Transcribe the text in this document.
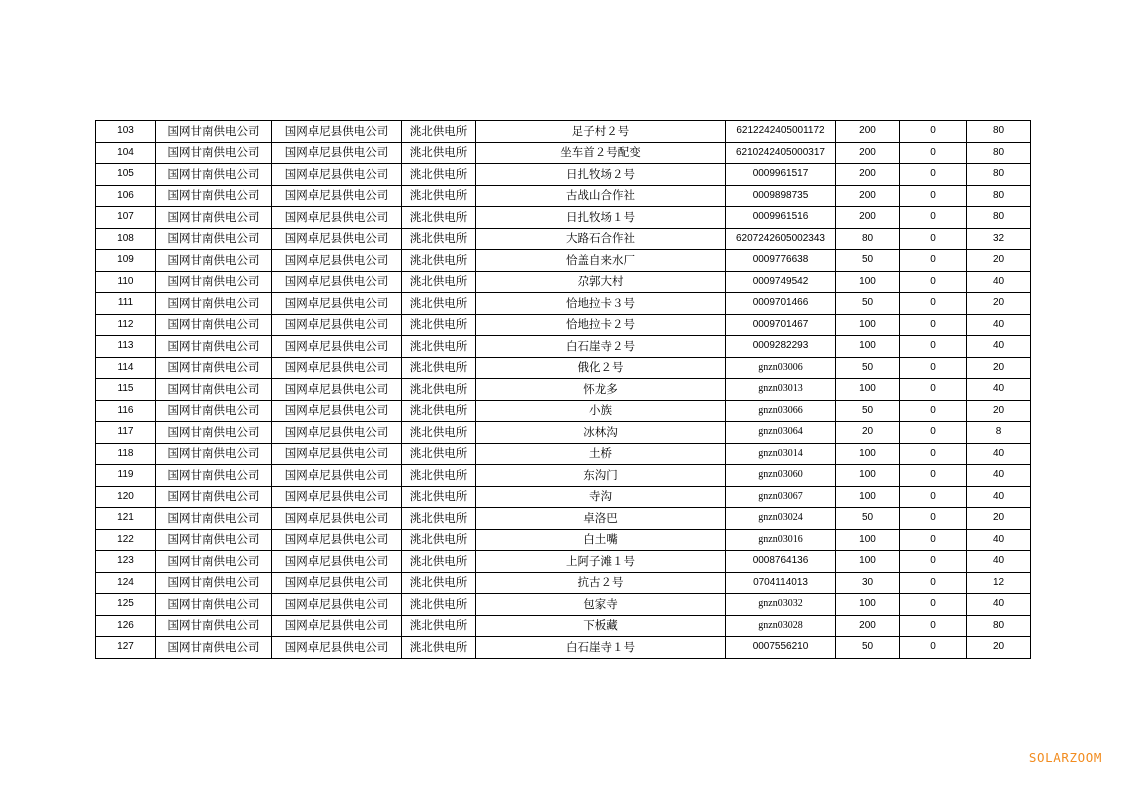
103	国网甘南供电公司	国网卓尼县供电公司	洮北供电所	足子村２号	6212242405001172	200	0	80
104	国网甘南供电公司	国网卓尼县供电公司	洮北供电所	坐车首２号配变	6210242405000317	200	0	80
105	国网甘南供电公司	国网卓尼县供电公司	洮北供电所	日扎牧场２号	0009961517	200	0	80
106	国网甘南供电公司	国网卓尼县供电公司	洮北供电所	古战山合作社	0009898735	200	0	80
107	国网甘南供电公司	国网卓尼县供电公司	洮北供电所	日扎牧场１号	0009961516	200	0	80
108	国网甘南供电公司	国网卓尼县供电公司	洮北供电所	大路石合作社	6207242605002343	80	0	32
109	国网甘南供电公司	国网卓尼县供电公司	洮北供电所	恰盖自来水厂	0009776638	50	0	20
110	国网甘南供电公司	国网卓尼县供电公司	洮北供电所	尕郭大村	0009749542	100	0	40
111	国网甘南供电公司	国网卓尼县供电公司	洮北供电所	恰地拉卡３号	0009701466	50	0	20
112	国网甘南供电公司	国网卓尼县供电公司	洮北供电所	恰地拉卡２号	0009701467	100	0	40
113	国网甘南供电公司	国网卓尼县供电公司	洮北供电所	白石崖寺２号	0009282293	100	0	40
114	国网甘南供电公司	国网卓尼县供电公司	洮北供电所	俄化２号	gnzn03006	50	0	20
115	国网甘南供电公司	国网卓尼县供电公司	洮北供电所	怀龙多	gnzn03013	100	0	40
116	国网甘南供电公司	国网卓尼县供电公司	洮北供电所	小族	gnzn03066	50	0	20
117	国网甘南供电公司	国网卓尼县供电公司	洮北供电所	冰林沟	gnzn03064	20	0	8
118	国网甘南供电公司	国网卓尼县供电公司	洮北供电所	土桥	gnzn03014	100	0	40
119	国网甘南供电公司	国网卓尼县供电公司	洮北供电所	东沟门	gnzn03060	100	0	40
120	国网甘南供电公司	国网卓尼县供电公司	洮北供电所	寺沟	gnzn03067	100	0	40
121	国网甘南供电公司	国网卓尼县供电公司	洮北供电所	卓洛巴	gnzn03024	50	0	20
122	国网甘南供电公司	国网卓尼县供电公司	洮北供电所	白土嘴	gnzn03016	100	0	40
123	国网甘南供电公司	国网卓尼县供电公司	洮北供电所	上阿子滩１号	0008764136	100	0	40
124	国网甘南供电公司	国网卓尼县供电公司	洮北供电所	抗古２号	0704114013	30	0	12
125	国网甘南供电公司	国网卓尼县供电公司	洮北供电所	包家寺	gnzn03032	100	0	40
126	国网甘南供电公司	国网卓尼县供电公司	洮北供电所	下板藏	gnzn03028	200	0	80
127	国网甘南供电公司	国网卓尼县供电公司	洮北供电所	白石崖寺１号	0007556210	50	0	20
SOLARZOOM
